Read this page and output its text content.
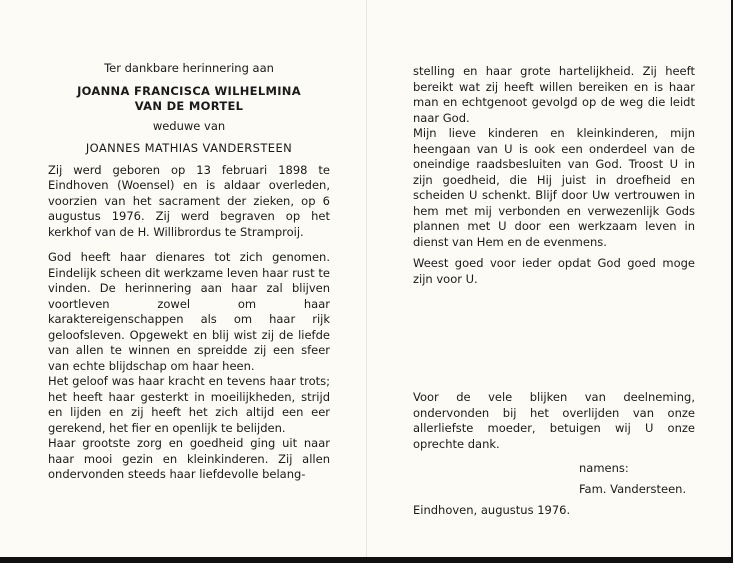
Ter dankbare herinnering aan
JOANNA FRANCISCA WILHELMINA
VAN DE MORTEL
weduwe van
JOANNES MATHIAS VANDERSTEEN

Zij werd geboren op 13 februari 1898 te Eindhoven (Woensel) en is aldaar overleden, voorzien van het sacrament der zieken, op 6 augustus 1976. Zij werd begraven op het kerkhof van de H. Willibrordus te Stramproij.

God heeft haar dienares tot zich genomen. Eindelijk scheen dit werkzame leven haar rust te vinden. De herinnering aan haar zal blijven voortleven zowel om haar karaktereigenschappen als om haar rijk geloofsleven. Opgewekt en blij wist zij de liefde van allen te winnen en spreidde zij een sfeer van echte blijdschap om haar heen.

Het geloof was haar kracht en tevens haar trots; het heeft haar gesterkt in moeilijkheden, strijd en lijden en zij heeft het zich altijd een eer gerekend, het fier en openlijk te belijden.

Haar grootste zorg en goedheid ging uit naar haar mooi gezin en kleinkinderen. Zij allen ondervonden steeds haar liefdevolle belang-

stelling en haar grote hartelijkheid. Zij heeft bereikt wat zij heeft willen bereiken en is haar man en echtgenoot gevolgd op de weg die leidt naar God.

Mijn lieve kinderen en kleinkinderen, mijn heengaan van U is ook een onderdeel van de oneindige raadsbesluiten van God. Troost U in zijn goedheid, die Hij juist in droefheid en scheiden U schenkt. Blijf door Uw vertrouwen in hem met mij verbonden en verwezenlijk Gods plannen met U door een werkzaam leven in dienst van Hem en de evenmens.

Weest goed voor ieder opdat God goed moge zijn voor U.

Voor de vele blijken van deelneming, ondervonden bij het overlijden van onze allerliefste moeder, betuigen wij U onze oprechte dank.

namens:
Fam. Vandersteen.
Eindhoven, augustus 1976.
